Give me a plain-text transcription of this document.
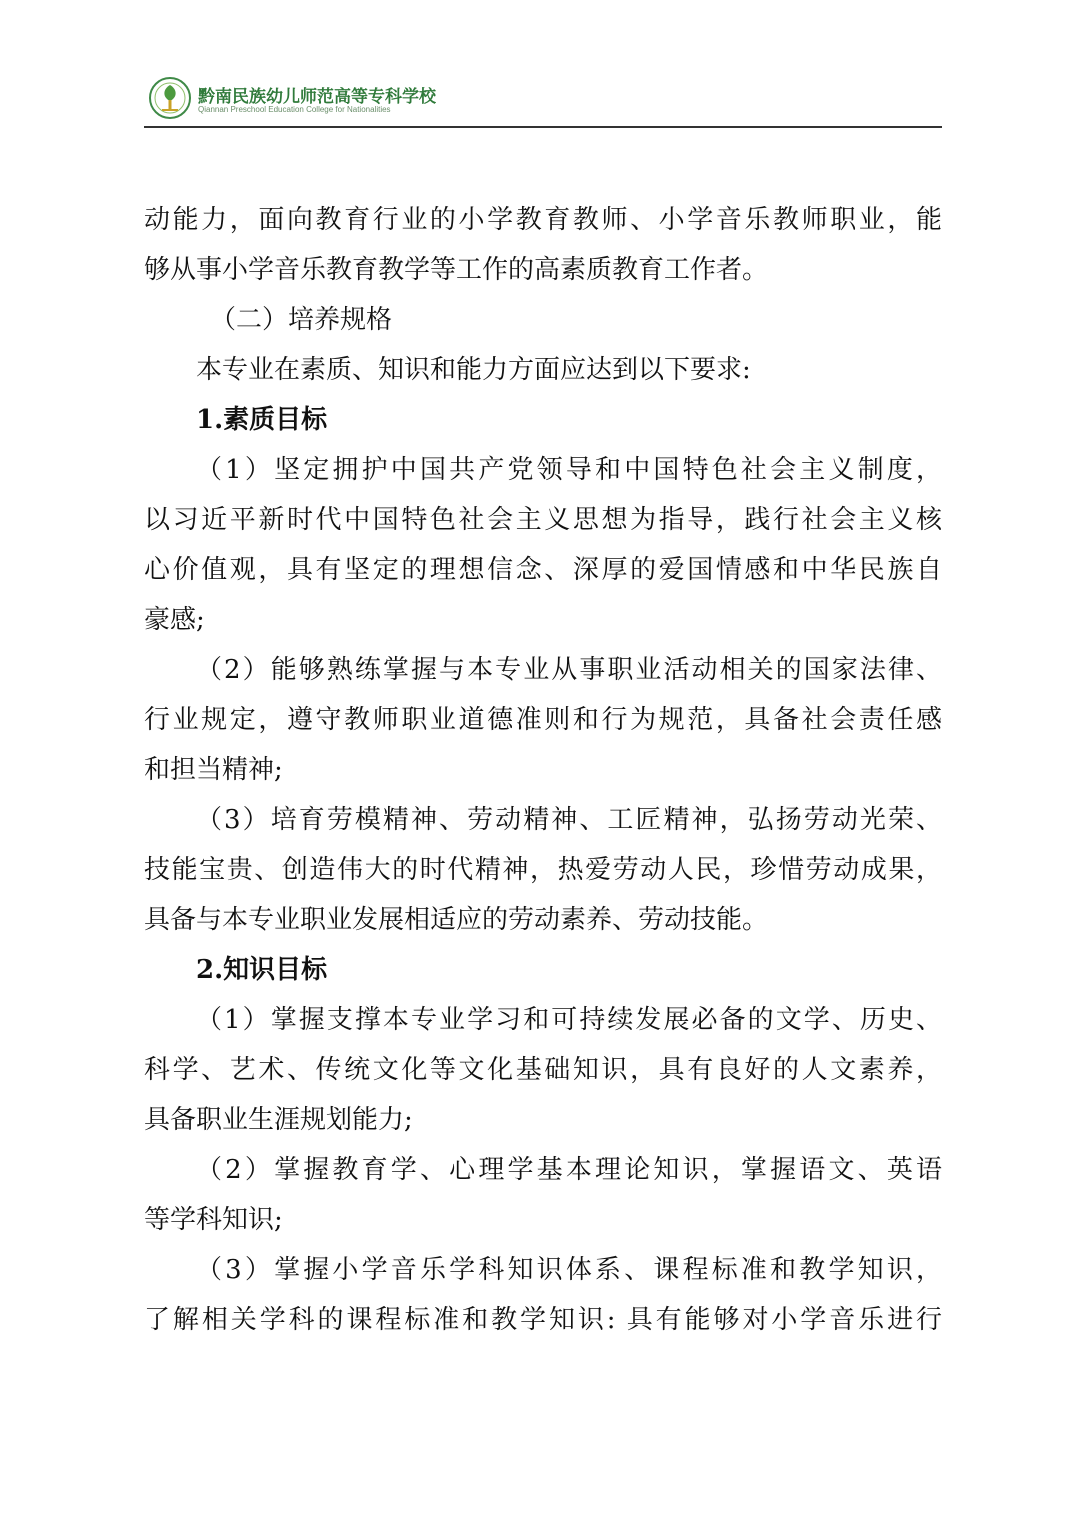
黔南民族幼儿师范高等专科学校
Qiannan Preschool Education College for Nationalities
动能力，面向教育行业的小学教育教师、小学音乐教师职业，能
够从事小学音乐教育教学等工作的高素质教育工作者。
（二）培养规格
本专业在素质、知识和能力方面应达到以下要求:
1.素质目标
（1）坚定拥护中国共产党领导和中国特色社会主义制度，
以习近平新时代中国特色社会主义思想为指导，践行社会主义核
心价值观，具有坚定的理想信念、深厚的爱国情感和中华民族自
豪感;
（2）能够熟练掌握与本专业从事职业活动相关的国家法律、
行业规定，遵守教师职业道德准则和行为规范，具备社会责任感
和担当精神;
（3）培育劳模精神、劳动精神、工匠精神，弘扬劳动光荣、
技能宝贵、创造伟大的时代精神，热爱劳动人民，珍惜劳动成果，
具备与本专业职业发展相适应的劳动素养、劳动技能。
2.知识目标
（1）掌握支撑本专业学习和可持续发展必备的文学、历史、
科学、艺术、传统文化等文化基础知识，具有良好的人文素养，
具备职业生涯规划能力;
（2）掌握教育学、心理学基本理论知识，掌握语文、英语
等学科知识;
（3）掌握小学音乐学科知识体系、课程标准和教学知识，
了解相关学科的课程标准和教学知识: 具有能够对小学音乐进行
